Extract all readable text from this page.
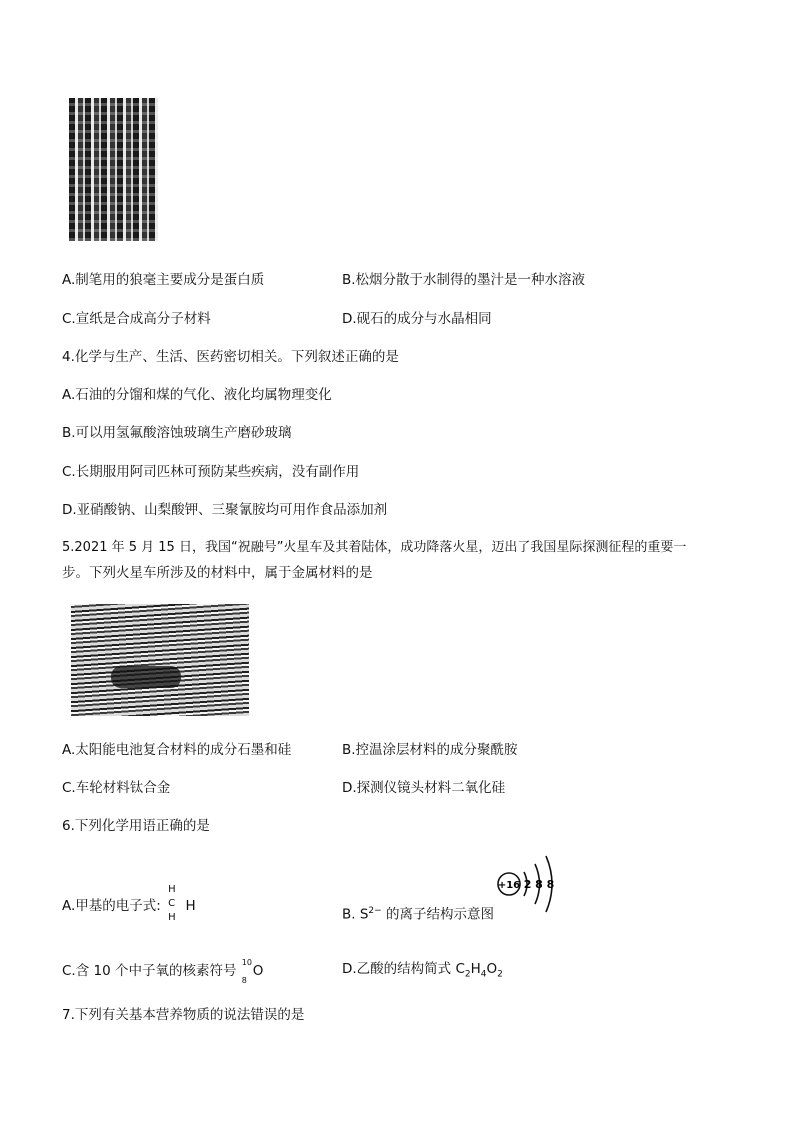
A.制笔用的狼毫主要成分是蛋白质	B.松烟分散于水制得的墨汁是一种水溶液
C.宣纸是合成高分子材料	D.砚石的成分与水晶相同
4.化学与生产、生活、医药密切相关。下列叙述正确的是
A.石油的分馏和煤的气化、液化均属物理变化
B.可以用氢氟酸溶蚀玻璃生产磨砂玻璃
C.长期服用阿司匹林可预防某些疾病，没有副作用
D.亚硝酸钠、山梨酸钾、三聚氰胺均可用作食品添加剂
5.2021 年 5 月 15 日，我国“祝融号”火星车及其着陆体，成功降落火星，迈出了我国星际探测征程的重要一
步。下列火星车所涉及的材料中，属于金属材料的是
A.太阳能电池复合材料的成分石墨和硅	B.控温涂层材料的成分聚酰胺
C.车轮材料钛合金	D.探测仪镜头材料二氧化硅
6.下列化学用语正确的是
A.甲基的电子式:
H
C
H
H
B. $S^{2-}$ 的离子结构示意图
+16 2 8 8
C.含 10 个中子氧的核素符号
10
8
O	D.乙酸的结构简式 $C_2H_4O_2$
7.下列有关基本营养物质的说法错误的是
